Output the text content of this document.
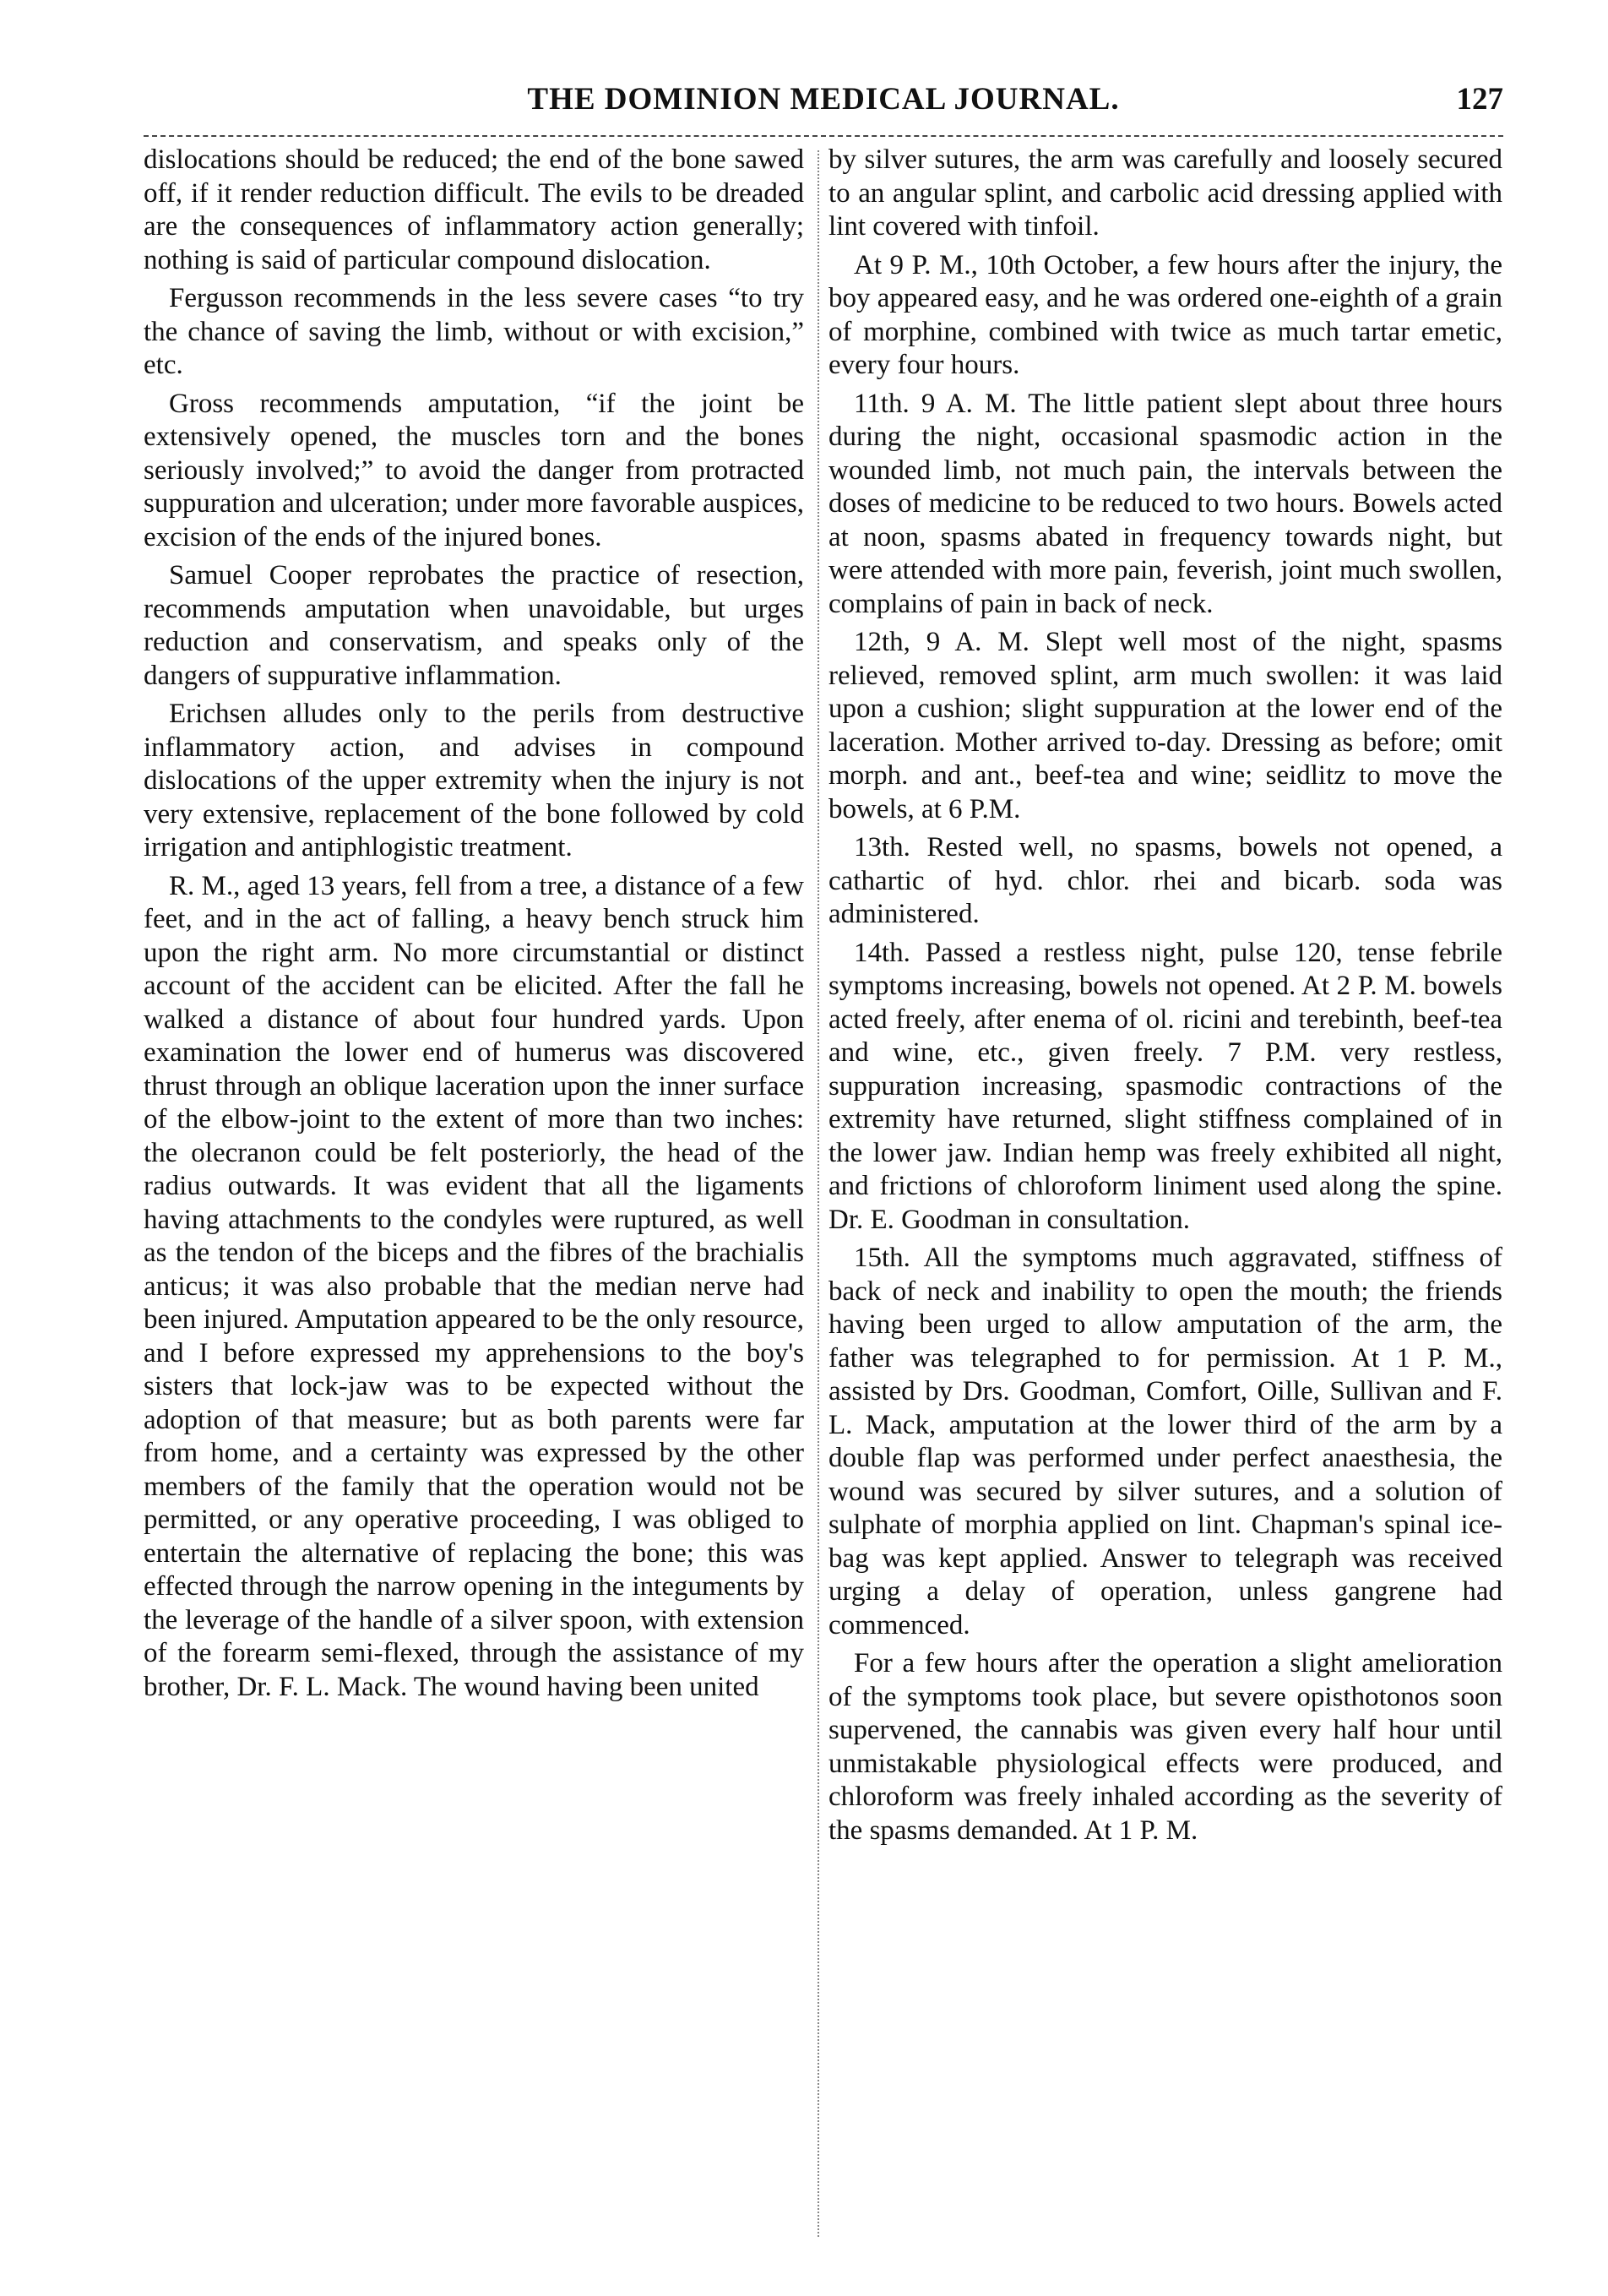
THE DOMINION MEDICAL JOURNAL.	127

dislocations should be reduced; the end of the bone sawed off, if it render reduction difficult. The evils to be dreaded are the consequences of inflammatory action generally; nothing is said of particular compound dislocation.

Fergusson recommends in the less severe cases “to try the chance of saving the limb, without or with excision,” etc.

Gross recommends amputation, “if the joint be extensively opened, the muscles torn and the bones seriously involved;” to avoid the danger from protracted suppuration and ulceration; under more favorable auspices, excision of the ends of the injured bones.

Samuel Cooper reprobates the practice of resection, recommends amputation when unavoidable, but urges reduction and conservatism, and speaks only of the dangers of suppurative inflammation.

Erichsen alludes only to the perils from destructive inflammatory action, and advises in compound dislocations of the upper extremity when the injury is not very extensive, replacement of the bone followed by cold irrigation and antiphlogistic treatment.

R. M., aged 13 years, fell from a tree, a distance of a few feet, and in the act of falling, a heavy bench struck him upon the right arm. No more circumstantial or distinct account of the accident can be elicited. After the fall he walked a distance of about four hundred yards. Upon examination the lower end of humerus was discovered thrust through an oblique laceration upon the inner surface of the elbow-joint to the extent of more than two inches: the olecranon could be felt posteriorly, the head of the radius outwards. It was evident that all the ligaments having attachments to the condyles were ruptured, as well as the tendon of the biceps and the fibres of the brachialis anticus; it was also probable that the median nerve had been injured. Amputation appeared to be the only resource, and I before expressed my apprehensions to the boy's sisters that lock-jaw was to be expected without the adoption of that measure; but as both parents were far from home, and a certainty was expressed by the other members of the family that the operation would not be permitted, or any operative proceeding, I was obliged to entertain the alternative of replacing the bone; this was effected through the narrow opening in the integuments by the leverage of the handle of a silver spoon, with extension of the forearm semi-flexed, through the assistance of my brother, Dr. F. L. Mack. The wound having been united

by silver sutures, the arm was carefully and loosely secured to an angular splint, and carbolic acid dressing applied with lint covered with tinfoil.

At 9 P. M., 10th October, a few hours after the injury, the boy appeared easy, and he was ordered one-eighth of a grain of morphine, combined with twice as much tartar emetic, every four hours.

11th. 9 A. M. The little patient slept about three hours during the night, occasional spasmodic action in the wounded limb, not much pain, the intervals between the doses of medicine to be reduced to two hours. Bowels acted at noon, spasms abated in frequency towards night, but were attended with more pain, feverish, joint much swollen, complains of pain in back of neck.

12th, 9 A. M. Slept well most of the night, spasms relieved, removed splint, arm much swollen: it was laid upon a cushion; slight suppuration at the lower end of the laceration. Mother arrived to-day. Dressing as before; omit morph. and ant., beef-tea and wine; seidlitz to move the bowels, at 6 P.M.

13th. Rested well, no spasms, bowels not opened, a cathartic of hyd. chlor. rhei and bicarb. soda was administered.

14th. Passed a restless night, pulse 120, tense febrile symptoms increasing, bowels not opened. At 2 P. M. bowels acted freely, after enema of ol. ricini and terebinth, beef-tea and wine, etc., given freely. 7 P.M. very restless, suppuration increasing, spasmodic contractions of the extremity have returned, slight stiffness complained of in the lower jaw. Indian hemp was freely exhibited all night, and frictions of chloroform liniment used along the spine. Dr. E. Goodman in consultation.

15th. All the symptoms much aggravated, stiffness of back of neck and inability to open the mouth; the friends having been urged to allow amputation of the arm, the father was telegraphed to for permission. At 1 P. M., assisted by Drs. Goodman, Comfort, Oille, Sullivan and F. L. Mack, amputation at the lower third of the arm by a double flap was performed under perfect anaesthesia, the wound was secured by silver sutures, and a solution of sulphate of morphia applied on lint. Chapman's spinal ice-bag was kept applied. Answer to telegraph was received urging a delay of operation, unless gangrene had commenced.

For a few hours after the operation a slight amelioration of the symptoms took place, but severe opisthotonos soon supervened, the cannabis was given every half hour until unmistakable physiological effects were produced, and chloroform was freely inhaled according as the severity of the spasms demanded. At 1 P. M.
